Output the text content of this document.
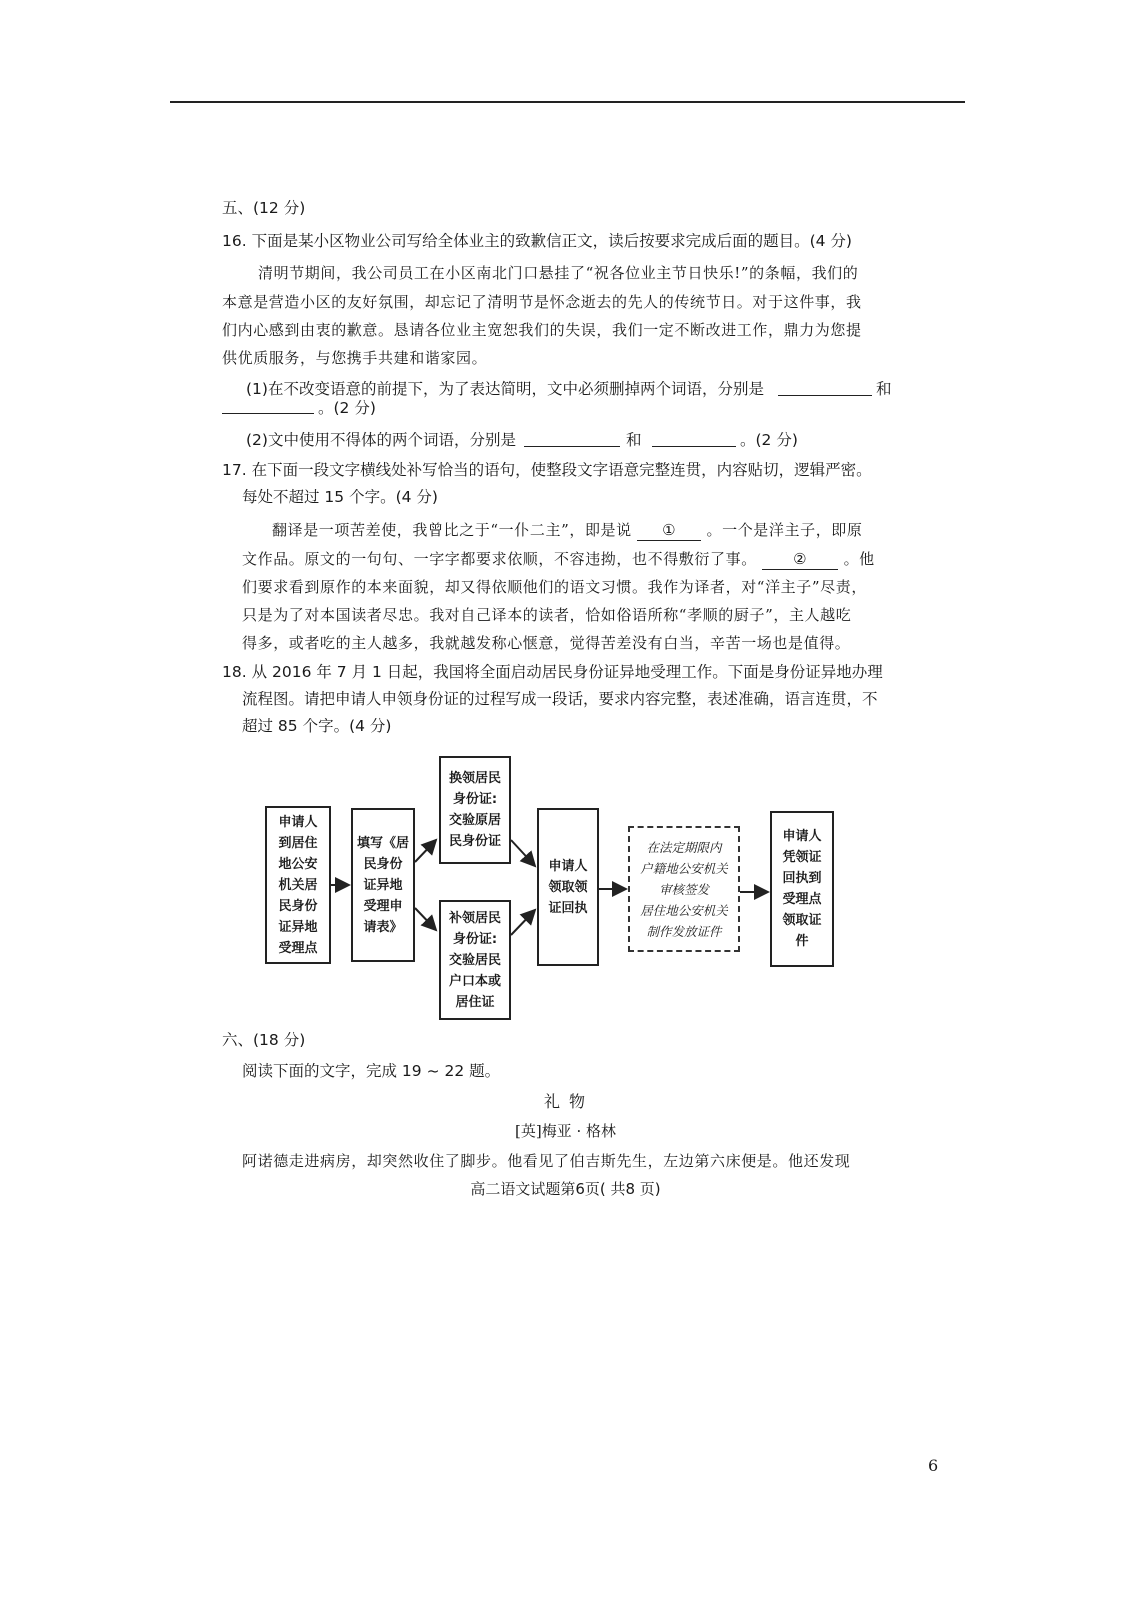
五、(12 分)
16. 下面是某小区物业公司写给全体业主的致歉信正文，读后按要求完成后面的题目。(4 分)
清明节期间，我公司员工在小区南北门口悬挂了“祝各位业主节日快乐!”的条幅，我们的
本意是营造小区的友好氛围，却忘记了清明节是怀念逝去的先人的传统节日。对于这件事，我
们内心感到由衷的歉意。恳请各位业主宽恕我们的失误，我们一定不断改进工作，鼎力为您提
供优质服务，与您携手共建和谐家园。
(1)在不改变语意的前提下，为了表达简明，文中必须删掉两个词语，分别是	和
。(2 分)
(2)文中使用不得体的两个词语，分别是	和	。(2 分)
17. 在下面一段文字横线处补写恰当的语句，使整段文字语意完整连贯，内容贴切，逻辑严密。
每处不超过 15 个字。(4 分)
翻译是一项苦差使，我曾比之于“一仆二主”，即是说 ① 。一个是洋主子，即原
文作品。原文的一句句、一字字都要求依顺，不容违拗，也不得敷衍了事。 ② 。他
们要求看到原作的本来面貌，却又得依顺他们的语文习惯。我作为译者，对“洋主子”尽责，
只是为了对本国读者尽忠。我对自己译本的读者，恰如俗语所称“孝顺的厨子”，主人越吃
得多，或者吃的主人越多，我就越发称心惬意，觉得苦差没有白当，辛苦一场也是值得。
18. 从 2016 年 7 月 1 日起，我国将全面启动居民身份证异地受理工作。下面是身份证异地办理
流程图。请把申请人申领身份证的过程写成一段话，要求内容完整，表述准确，语言连贯，不
超过 85 个字。(4 分)
申请人
到居住
地公安
机关居
民身份
证异地
受理点
填写《居
民身份
证异地
受理申
请表》
换领居民
身份证:
交验原居
民身份证
补领居民
身份证:
交验居民
户口本或
居住证
申请人
领取领
证回执
在法定期限内
户籍地公安机关
审核签发
居住地公安机关
制作发放证件
申请人
凭领证
回执到
受理点
领取证
件
六、(18 分)
阅读下面的文字，完成 19 ~ 22 题。
礼 物
[英]梅亚 · 格林
阿诺德走进病房，却突然收住了脚步。他看见了伯吉斯先生，左边第六床便是。他还发现
高二语文试题第6页( 共8 页)
6
